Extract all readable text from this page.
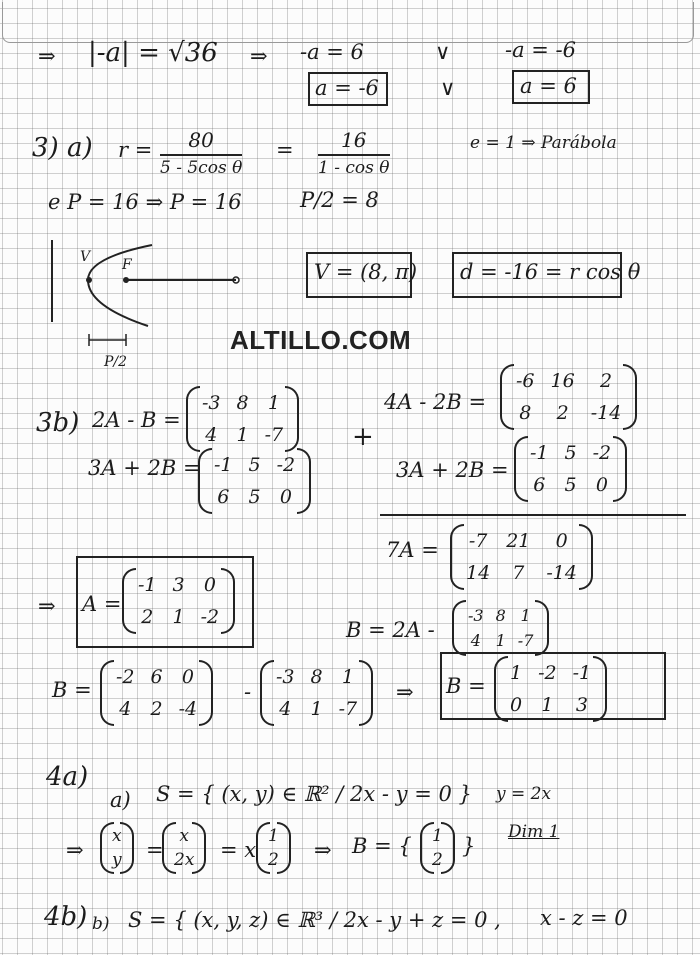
⇒ |-a| = √36 ⇒ -a = 6	∨	-a = -6
a = -6	∨	a = 6
3) a) $r = \frac{80}{\text{5 - 5cos θ}} = \frac{16}{\text{1 - cos θ}}$	e = 1 ⇒ Parábola
e P = 16 ⇒ P = 16	P/2 = 8
V F
P/2
V = (8, π) d = -16 = r cos θ
ALTILLO.COM
3b) 2A - B =
-3 8 1
4 1 -7
3A + 2B = -1 5 -2
6 5 0
+
4A - 2B =
-6 16	2
8	2	-14
3A + 2B =
-1 5 -2
6 5 0
7A = -7 21	0
14	7	-14
⇒ A =
-1 3 0
2 1 -2
B = 2A -
-3 8 1
4 1 -7
B =
-2 6 0
4 2 -4
-
-3 8 1
4 1 -7
⇒ B =
1 -2 -1
0 1 3
4a)
a) S = { (x, y) ∈ ℝ² / 2x - y = 0 } y = 2x
⇒
x
y =
x
2x = x
1
2 ⇒ B = { 1
2
}
Dim 1
4b) b) S = { (x, y, z) ∈ ℝ³ / 2x - y + z = 0 , x - z = 0
